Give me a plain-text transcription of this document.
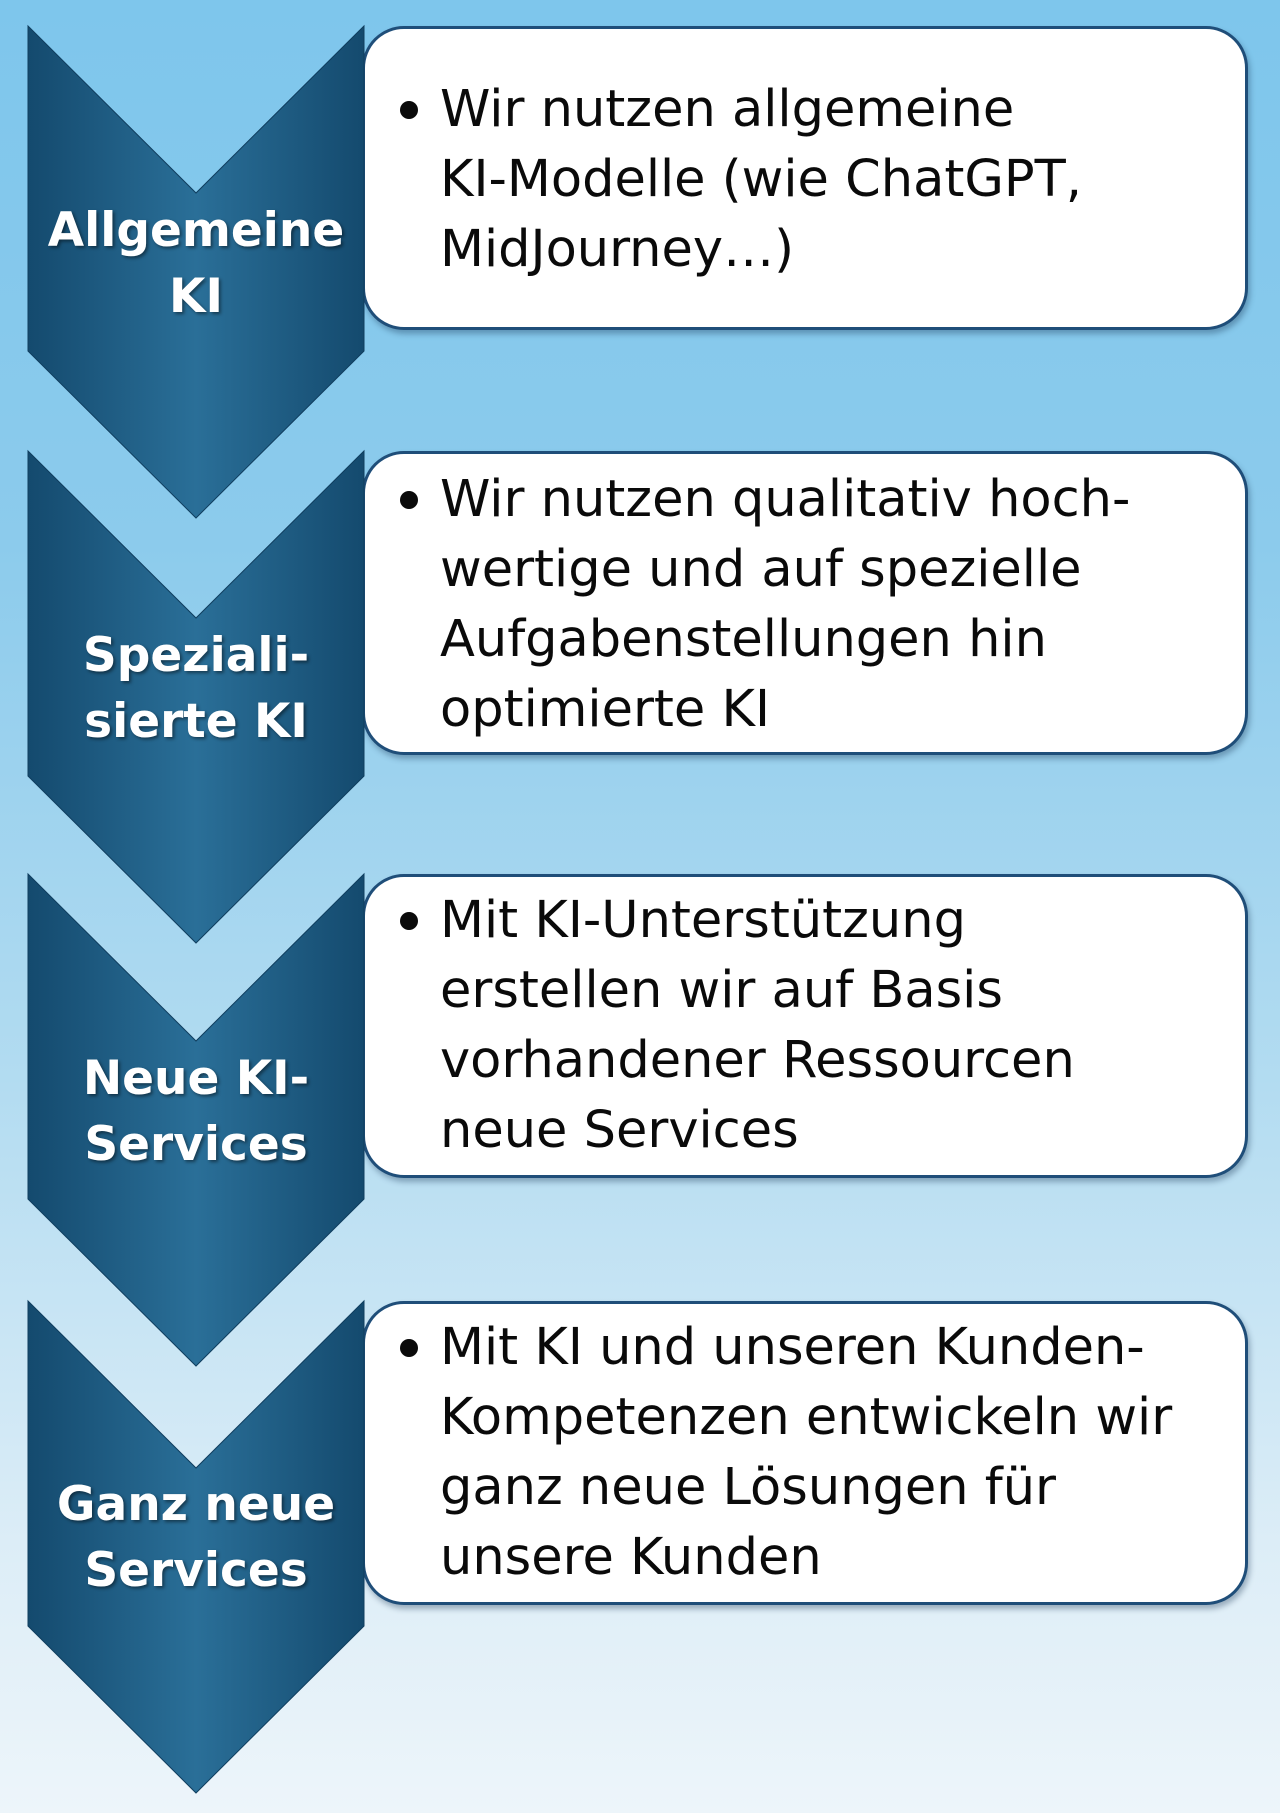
Wir nutzen allgemeine
KI-Modelle (wie ChatGPT,
MidJourney…)

Allgemeine
KI

Wir nutzen qualitativ hoch-
wertige und auf spezielle
Aufgabenstellungen hin
optimierte KI

Speziali-
sierte KI

Mit KI-Unterstützung
erstellen wir auf Basis
vorhandener Ressourcen
neue Services

Neue KI-
Services

Mit KI und unseren Kunden-
Kompetenzen entwickeln wir
ganz neue Lösungen für
unsere Kunden

Ganz neue
Services
